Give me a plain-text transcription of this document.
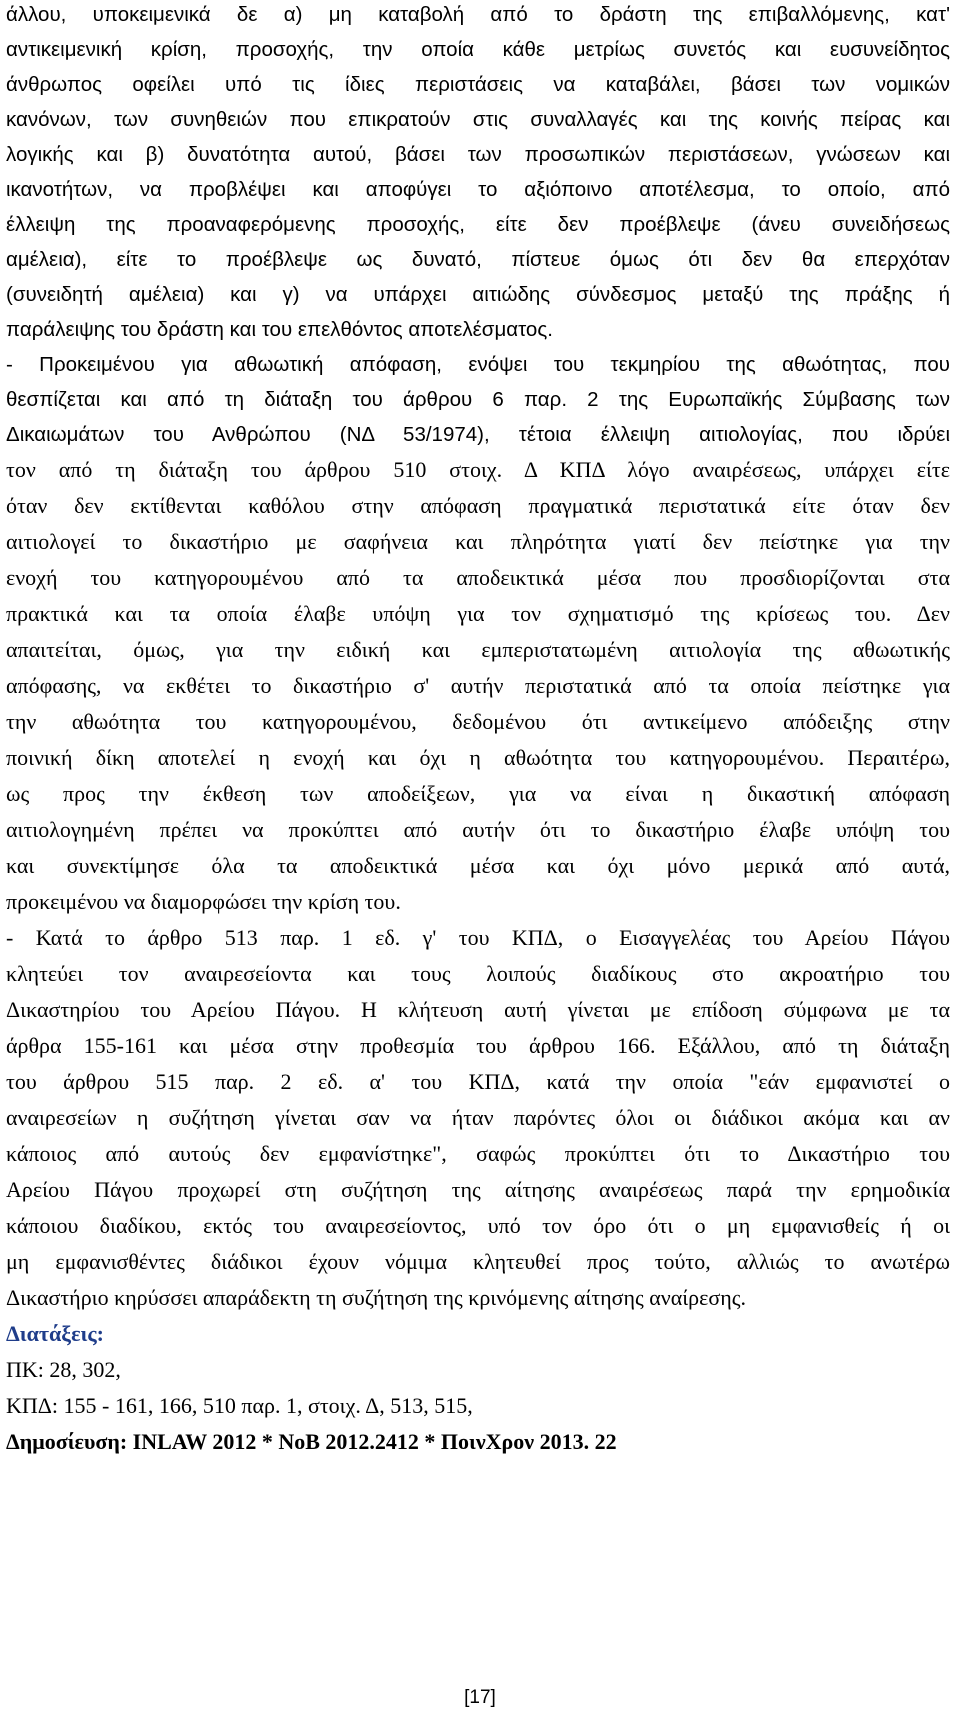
άλλου, υποκειμενικά δε α) μη καταβολή από το δράστη της επιβαλλόμενης, κατ'
αντικειμενική κρίση, προσοχής, την οποία κάθε μετρίως συνετός και ευσυνείδητος
άνθρωπος οφείλει υπό τις ίδιες περιστάσεις να καταβάλει, βάσει των νομικών
κανόνων, των συνηθειών που επικρατούν στις συναλλαγές και της κοινής πείρας και
λογικής και β) δυνατότητα αυτού, βάσει των προσωπικών περιστάσεων, γνώσεων και
ικανοτήτων, να προβλέψει και αποφύγει το αξιόποινο αποτέλεσμα, το οποίο, από
έλλειψη της προαναφερόμενης προσοχής, είτε δεν προέβλεψε (άνευ συνειδήσεως
αμέλεια), είτε το προέβλεψε ως δυνατό, πίστευε όμως ότι δεν θα επερχόταν
(συνειδητή αμέλεια) και γ) να υπάρχει αιτιώδης σύνδεσμος μεταξύ της πράξης ή
παράλειψης του δράστη και του επελθόντος αποτελέσματος.
- Προκειμένου για αθωωτική απόφαση, ενόψει του τεκμηρίου της αθωότητας, που
θεσπίζεται και από τη διάταξη του άρθρου 6 παρ. 2 της Ευρωπαϊκής Σύμβασης των
Δικαιωμάτων του Ανθρώπου (ΝΔ 53/1974), τέτοια έλλειψη αιτιολογίας, που ιδρύει
τον από τη διάταξη του άρθρου 510 στοιχ. Δ ΚΠΔ λόγο αναιρέσεως, υπάρχει είτε
όταν δεν εκτίθενται καθόλου στην απόφαση πραγματικά περιστατικά είτε όταν δεν
αιτιολογεί το δικαστήριο με σαφήνεια και πληρότητα γιατί δεν πείστηκε για την
ενοχή του κατηγορουμένου από τα αποδεικτικά μέσα που προσδιορίζονται στα
πρακτικά και τα οποία έλαβε υπόψη για τον σχηματισμό της κρίσεως του. Δεν
απαιτείται, όμως, για την ειδική και εμπεριστατωμένη αιτιολογία της αθωωτικής
απόφασης, να εκθέτει το δικαστήριο σ' αυτήν περιστατικά από τα οποία πείστηκε για
την αθωότητα του κατηγορουμένου, δεδομένου ότι αντικείμενο απόδειξης στην
ποινική δίκη αποτελεί η ενοχή και όχι η αθωότητα του κατηγορουμένου. Περαιτέρω,
ως προς την έκθεση των αποδείξεων, για να είναι η δικαστική απόφαση
αιτιολογημένη πρέπει να προκύπτει από αυτήν ότι το δικαστήριο έλαβε υπόψη του
και συνεκτίμησε όλα τα αποδεικτικά μέσα και όχι μόνο μερικά από αυτά,
προκειμένου να διαμορφώσει την κρίση του.
- Κατά το άρθρο 513 παρ. 1 εδ. γ' του ΚΠΔ, ο Εισαγγελέας του Αρείου Πάγου
κλητεύει τον αναιρεσείοντα και τους λοιπούς διαδίκους στο ακροατήριο του
Δικαστηρίου του Αρείου Πάγου. Η κλήτευση αυτή γίνεται με επίδοση σύμφωνα με τα
άρθρα 155-161 και μέσα στην προθεσμία του άρθρου 166. Εξάλλου, από τη διάταξη
του άρθρου 515 παρ. 2 εδ. α' του ΚΠΔ, κατά την οποία "εάν εμφανιστεί ο
αναιρεσείων η συζήτηση γίνεται σαν να ήταν παρόντες όλοι οι διάδικοι ακόμα και αν
κάποιος από αυτούς δεν εμφανίστηκε", σαφώς προκύπτει ότι το Δικαστήριο του
Αρείου Πάγου προχωρεί στη συζήτηση της αίτησης αναιρέσεως παρά την ερημοδικία
κάποιου διαδίκου, εκτός του αναιρεσείοντος, υπό τον όρο ότι ο μη εμφανισθείς ή οι
μη εμφανισθέντες διάδικοι έχουν νόμιμα κλητευθεί προς τούτο, αλλιώς το ανωτέρω
Δικαστήριο κηρύσσει απαράδεκτη τη συζήτηση της κρινόμενης αίτησης αναίρεσης.
Διατάξεις:
ΠΚ: 28, 302,
ΚΠΔ: 155 - 161, 166, 510 παρ. 1, στοιχ. Δ, 513, 515,
Δημοσίευση: INLAW 2012 * ΝοΒ 2012.2412 * ΠοινΧρον 2013. 22
[17]
